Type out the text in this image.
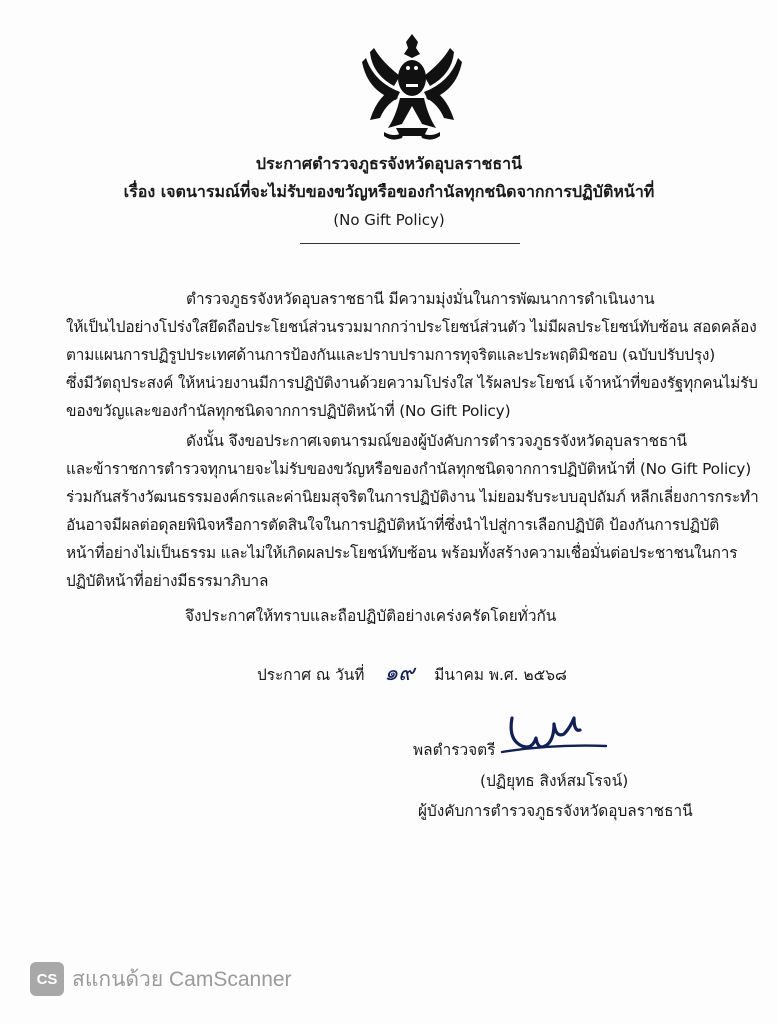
ประกาศตำรวจภูธรจังหวัดอุบลราชธานี
เรื่อง เจตนารมณ์ที่จะไม่รับของขวัญหรือของกำนัลทุกชนิดจากการปฏิบัติหน้าที่
(No Gift Policy)
ตำรวจภูธรจังหวัดอุบลราชธานี มีความมุ่งมั่นในการพัฒนาการดำเนินงาน
ให้เป็นไปอย่างโปร่งใสยึดถือประโยชน์ส่วนรวมมากกว่าประโยชน์ส่วนตัว ไม่มีผลประโยชน์ทับซ้อน สอดคล้อง
ตามแผนการปฏิรูปประเทศด้านการป้องกันและปราบปรามการทุจริตและประพฤติมิชอบ (ฉบับปรับปรุง)
ซึ่งมีวัตถุประสงค์ ให้หน่วยงานมีการปฏิบัติงานด้วยความโปร่งใส ไร้ผลประโยชน์ เจ้าหน้าที่ของรัฐทุกคนไม่รับ
ของขวัญและของกำนัลทุกชนิดจากการปฏิบัติหน้าที่ (No Gift Policy)
ดังนั้น จึงขอประกาศเจตนารมณ์ของผู้บังคับการตำรวจภูธรจังหวัดอุบลราชธานี
และข้าราชการตำรวจทุกนายจะไม่รับของขวัญหรือของกำนัลทุกชนิดจากการปฏิบัติหน้าที่ (No Gift Policy)
ร่วมกันสร้างวัฒนธรรมองค์กรและค่านิยมสุจริตในการปฏิบัติงาน ไม่ยอมรับระบบอุปถัมภ์ หลีกเลี่ยงการกระทำ
อันอาจมีผลต่อดุลยพินิจหรือการตัดสินใจในการปฏิบัติหน้าที่ซึ่งนำไปสู่การเลือกปฏิบัติ ป้องกันการปฏิบัติ
หน้าที่อย่างไม่เป็นธรรม และไม่ให้เกิดผลประโยชน์ทับซ้อน พร้อมทั้งสร้างความเชื่อมั่นต่อประชาชนในการ
ปฏิบัติหน้าที่อย่างมีธรรมาภิบาล
จึงประกาศให้ทราบและถือปฏิบัติอย่างเคร่งครัดโดยทั่วกัน
ประกาศ ณ วันที่ ๑๙ มีนาคม พ.ศ. ๒๕๖๘
พลตำรวจตรี
(ปฏิยุทธ สิงห์สมโรจน์)
ผู้บังคับการตำรวจภูธรจังหวัดอุบลราชธานี
CS สแกนด้วย CamScanner
